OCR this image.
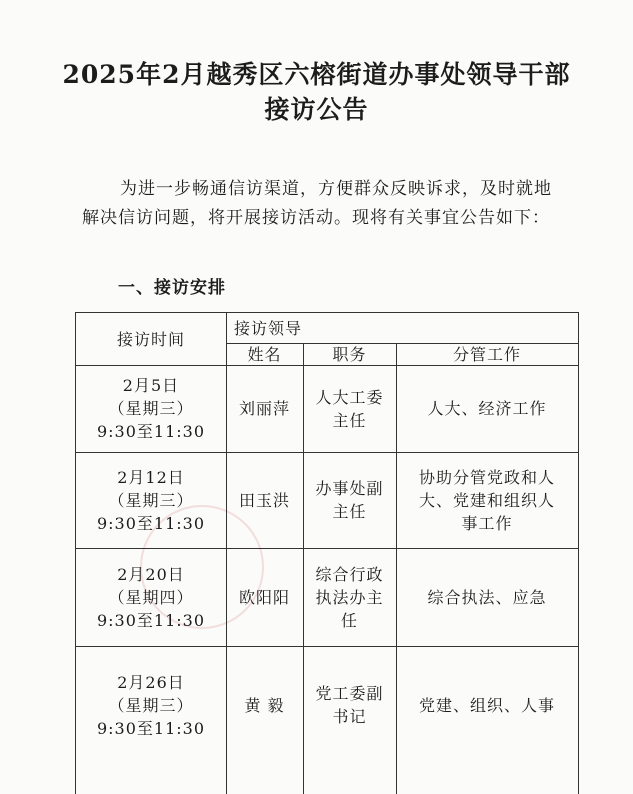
2025年2月越秀区六榕街道办事处领导干部
接访公告

为进一步畅通信访渠道，方便群众反映诉求，及时就地解决信访问题，将开展接访活动。现将有关事宜公告如下：

一、接访安排
接访时间
接访领导
姓名	职务	分管工作
2月5日
（星期三）
9:30至11:30
刘丽萍
人大工委
主任
人大、经济工作
2月12日
（星期三）
9:30至11:30
田玉洪
办事处副
主任
协助分管党政和人
大、党建和组织人
事工作
2月20日
（星期四）
9:30至11:30
欧阳阳
综合行政
执法办主
任
综合执法、应急
2月26日
（星期三）
9:30至11:30
黄 毅
党工委副
书记
党建、组织、人事
